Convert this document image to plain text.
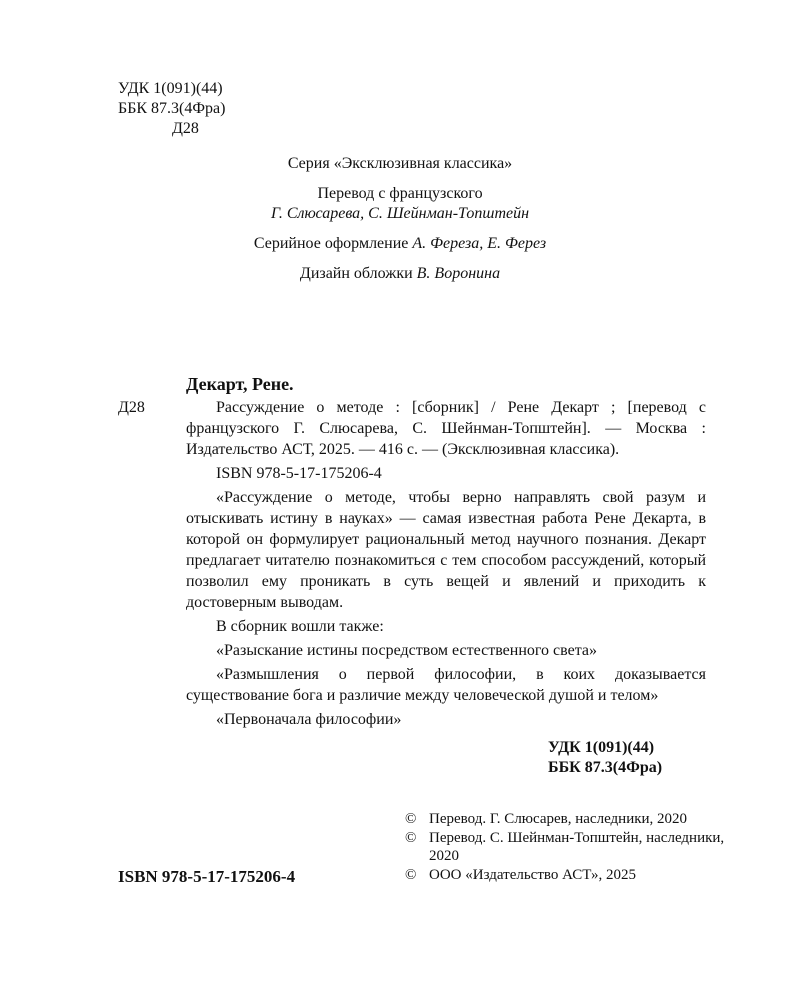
УДК 1(091)(44)
ББК 87.3(4Фра)
Д28
Серия «Эксклюзивная классика»
Перевод с французского
Г. Слюсарева, С. Шейнман-Топштейн
Серийное оформление А. Фереза, Е. Ферез
Дизайн обложки В. Воронина
Декарт, Рене.
Д28	Рассуждение о методе : [сборник] / Рене Декарт ; [перевод с французского Г. Слюсарева, С. Шейнман-Топштейн]. — Москва : Издательство АСТ, 2025. — 416 с. — (Эксклюзивная классика).

ISBN 978-5-17-175206-4

«Рассуждение о методе, чтобы верно направлять свой разум и отыскивать истину в науках» — самая известная работа Рене Декарта, в которой он формулирует рациональный метод научного познания. Декарт предлагает читателю познакомиться с тем способом рассуждений, который позволил ему проникать в суть вещей и явлений и приходить к достоверным выводам.

В сборник вошли также:

«Разыскание истины посредством естественного света»

«Размышления о первой философии, в коих доказывается существование бога и различие между человеческой душой и телом»

«Первоначала философии»

УДК 1(091)(44)
ББК 87.3(4Фра)
© Перевод. Г. Слюсарев, наследники, 2020
© Перевод. С. Шейнман-Топштейн, наследники, 2020
© ООО «Издательство АСТ», 2025
ISBN 978-5-17-175206-4
